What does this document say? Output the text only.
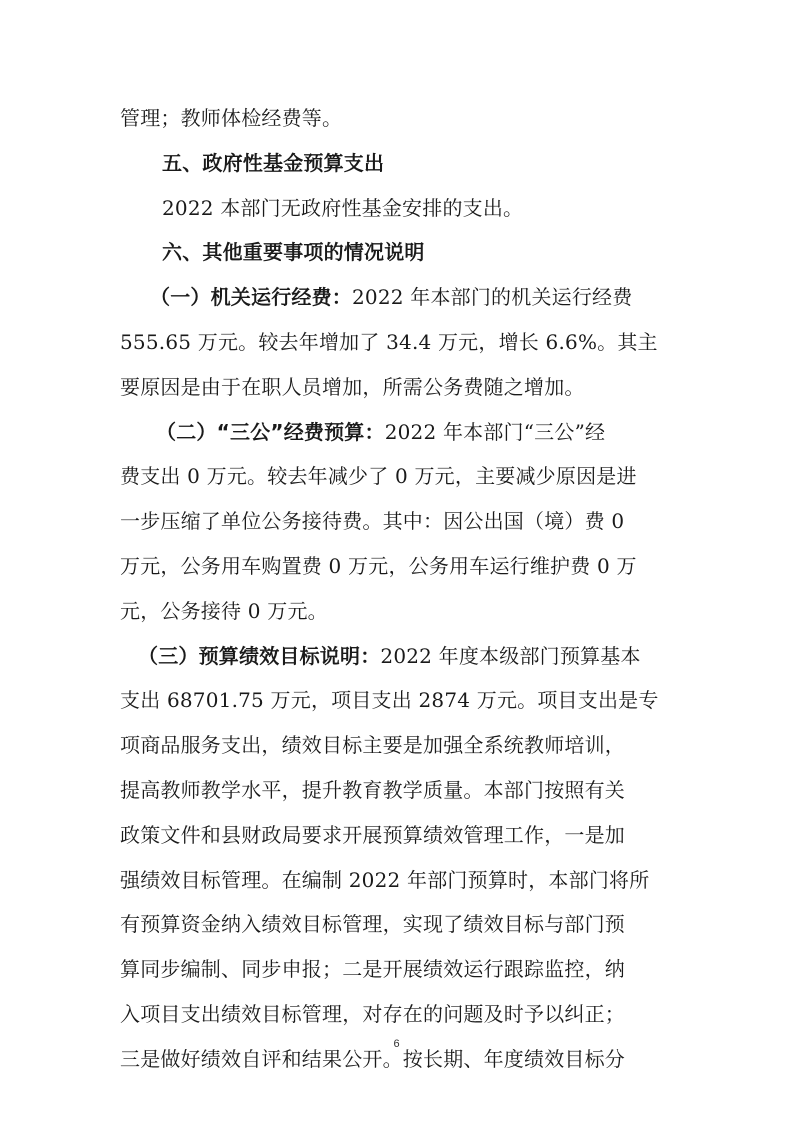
管理；教师体检经费等。
五、政府性基金预算支出
2022 本部门无政府性基金安排的支出。
六、其他重要事项的情况说明
（一）机关运行经费：2022 年本部门的机关运行经费
555.65 万元。较去年增加了 34.4 万元，增长 6.6%。其主
要原因是由于在职人员增加，所需公务费随之增加。
（二）“三公”经费预算：2022 年本部门“三公”经
费支出 0 万元。较去年减少了 0 万元，主要减少原因是进
一步压缩了单位公务接待费。其中：因公出国（境）费 0
万元，公务用车购置费 0 万元，公务用车运行维护费 0 万
元，公务接待 0 万元。
（三）预算绩效目标说明：2022 年度本级部门预算基本
支出 68701.75 万元，项目支出 2874 万元。项目支出是专
项商品服务支出，绩效目标主要是加强全系统教师培训，
提高教师教学水平，提升教育教学质量。本部门按照有关
政策文件和县财政局要求开展预算绩效管理工作，一是加
强绩效目标管理。在编制 2022 年部门预算时，本部门将所
有预算资金纳入绩效目标管理，实现了绩效目标与部门预
算同步编制、同步申报；二是开展绩效运行跟踪监控，纳
入项目支出绩效目标管理，对存在的问题及时予以纠正；
三是做好绩效自评和结果公开。按长期、年度绩效目标分
6
